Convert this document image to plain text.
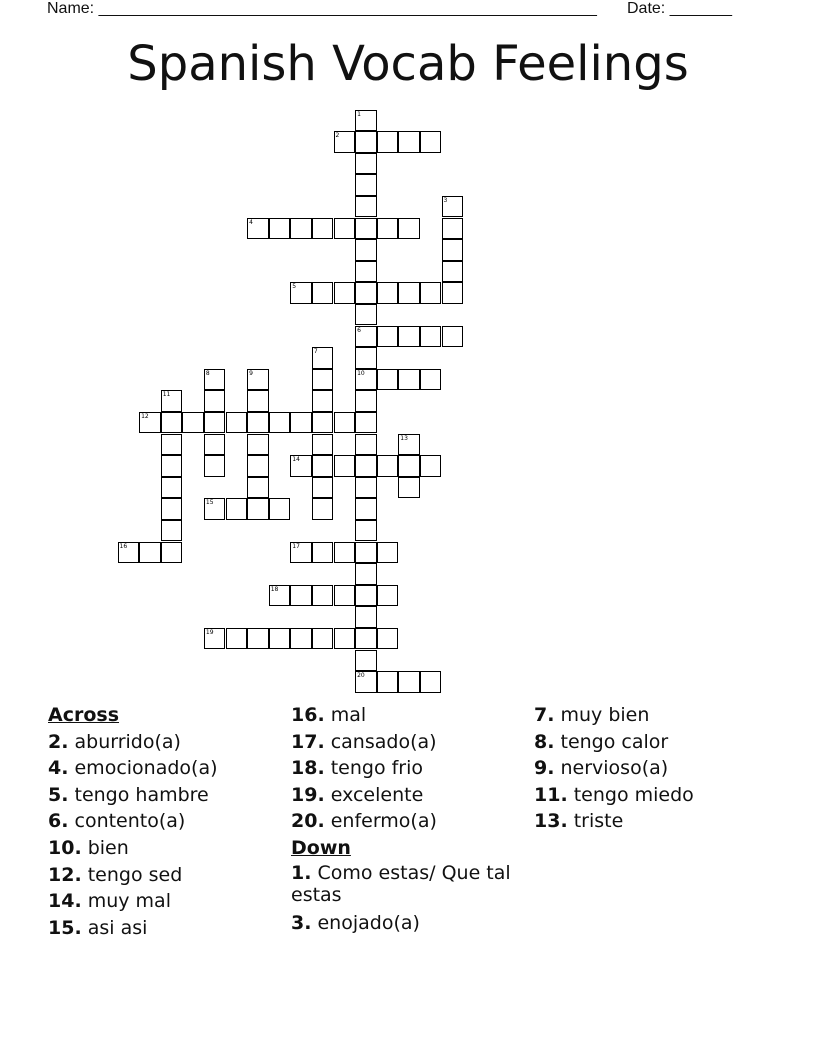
Name: ________________________________________________________ Date: _______
Spanish Vocab Feelings
1
2
3
4
5
6
7
8	9	10
11
12
13
14
15
16	17
18
19
20
Across
2. aburrido(a)
4. emocionado(a)
5. tengo hambre
6. contento(a)
10. bien
12. tengo sed
14. muy mal
15. asi asi
16. mal
17. cansado(a)
18. tengo frio
19. excelente
20. enfermo(a)
Down
1. Como estas/ Que tal estas
3. enojado(a)
7. muy bien
8. tengo calor
9. nervioso(a)
11. tengo miedo
13. triste
